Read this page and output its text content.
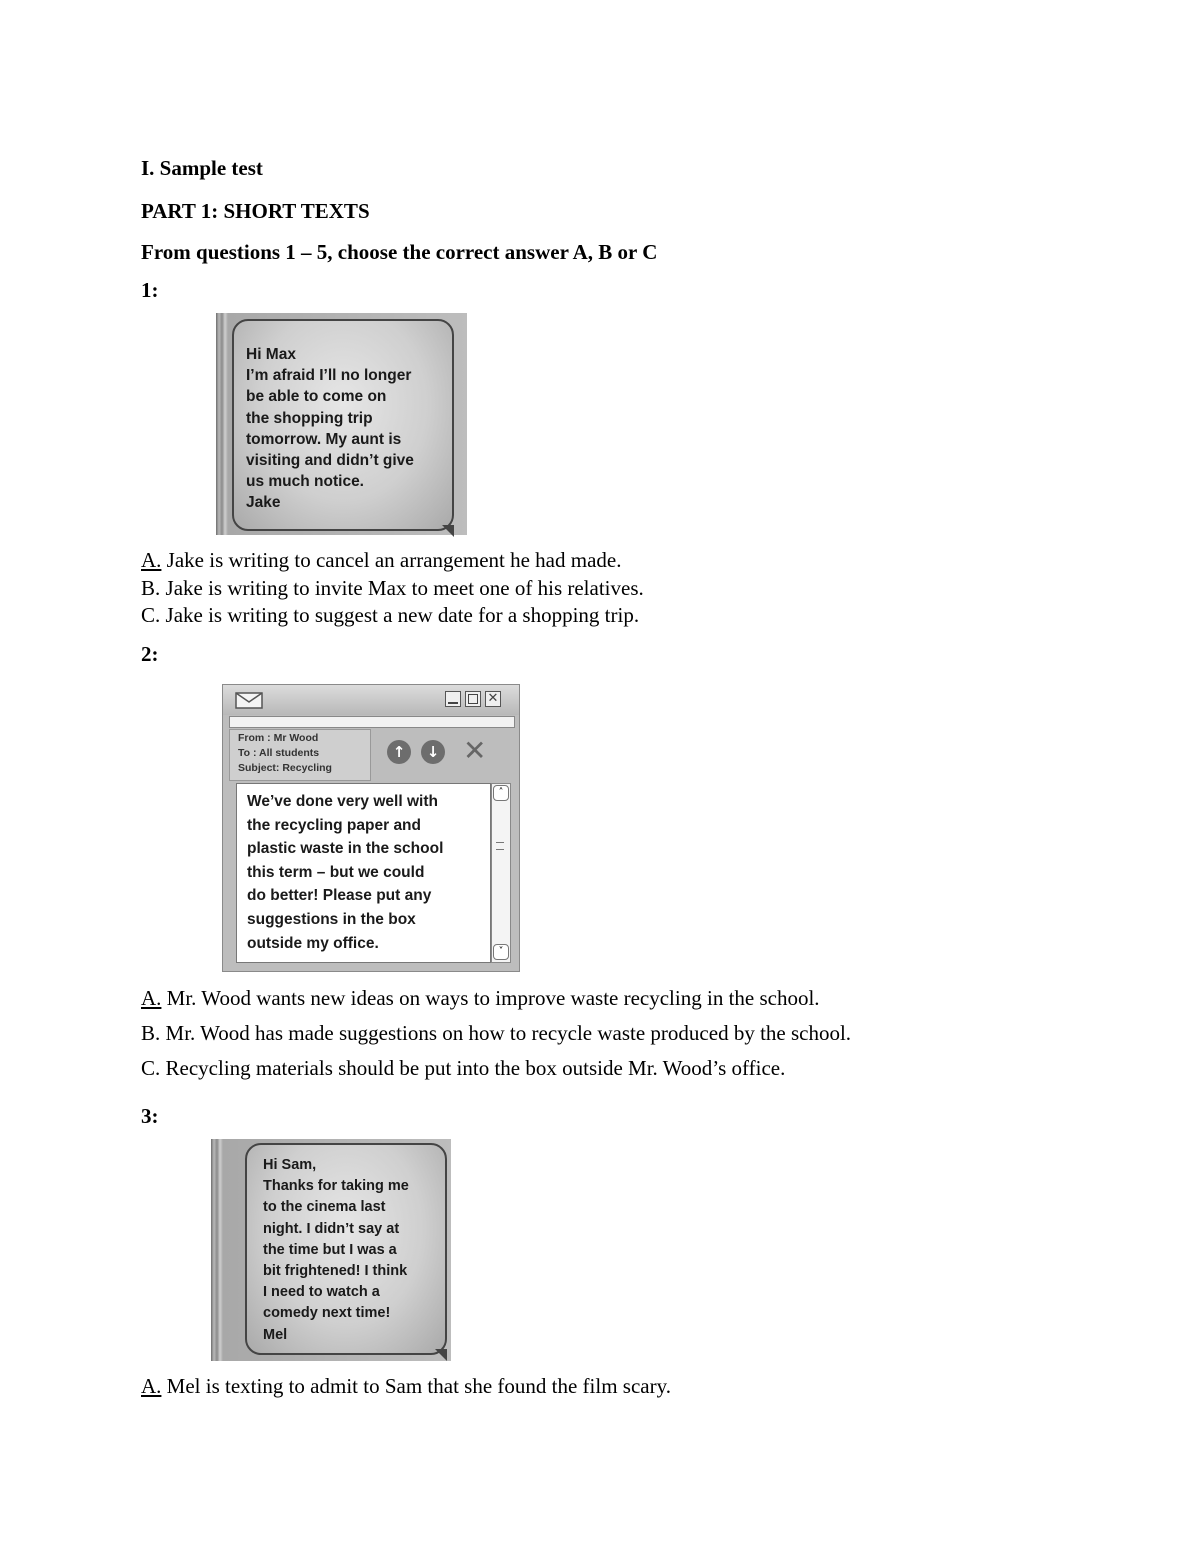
I. Sample test
PART 1: SHORT TEXTS
From questions 1 – 5, choose the correct answer A, B or C
1:
Hi Max
I’m afraid I’ll no longer
be able to come on
the shopping trip
tomorrow. My aunt is
visiting and didn’t give
us much notice.
Jake
A. Jake is writing to cancel an arrangement he had made.
B. Jake is writing to invite Max to meet one of his relatives.
C. Jake is writing to suggest a new date for a shopping trip.
2:
✕
From : Mr Wood
To : All students
Subject: Recycling
↑	↓ ✕
We’ve done very well with
the recycling paper and
plastic waste in the school
this term – but we could
do better! Please put any
suggestions in the box
outside my office.
˄
˅
A. Mr. Wood wants new ideas on ways to improve waste recycling in the school.
B. Mr. Wood has made suggestions on how to recycle waste produced by the school.
C. Recycling materials should be put into the box outside Mr. Wood’s office.
3:
Hi Sam,
Thanks for taking me
to the cinema last
night. I didn’t say at
the time but I was a
bit frightened! I think
I need to watch a
comedy next time!
Mel
A. Mel is texting to admit to Sam that she found the film scary.
